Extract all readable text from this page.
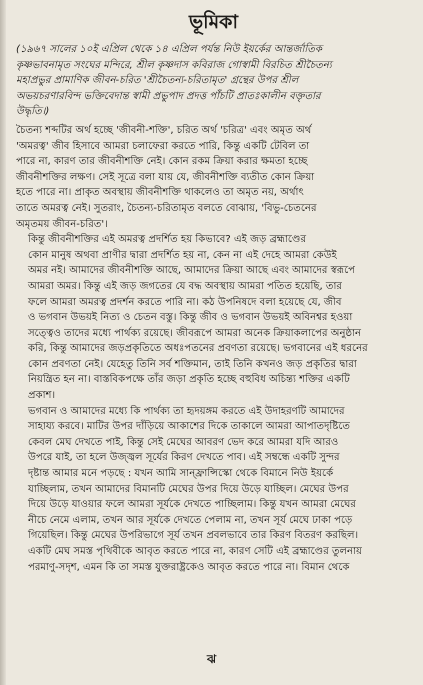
ভূমিকা
(১৯৬৭ সালের ১০ই এপ্রিল থেকে ১৪ এপ্রিল পর্যন্ত নিউ ইয়র্কের আন্তর্জাতিক
কৃষ্ণভাবনামৃত সংঘের মন্দিরে, শ্রীল কৃষ্ণদাস কবিরাজ গোস্বামী বিরচিত শ্রীচৈতন্য
মহাপ্রভুর প্রামাণিক জীবন-চরিত 'শ্রীচৈতন্য-চরিতামৃত' গ্রন্থের উপর শ্রীল
অভয়চরণারবিন্দ ভক্তিবেদান্ত স্বামী প্রভুপাদ প্রদত্ত পাঁচটি প্রাতঃকালীন বক্তৃতার
উদ্ধৃতি।)
চৈতন্য শব্দটির অর্থ হচ্ছে 'জীবনী-শক্তি', চরিত অর্থ 'চরিত্র' এবং অমৃত অর্থ
'অমরত্ব' জীব হিসাবে আমরা চলাফেরা করতে পারি, কিন্তু একটি টেবিল তা
পারে না, কারণ তার জীবনীশক্তি নেই। কোন রকম ক্রিয়া করার ক্ষমতা হচ্ছে
জীবনীশক্তির লক্ষণ। সেই সূত্রে বলা যায় যে, জীবনীশক্তি ব্যতীত কোন ক্রিয়া
হতে পারে না। প্রাকৃত অবস্থায় জীবনীশক্তি থাকলেও তা অমৃত নয়, অর্থাৎ
তাতে অমরত্ব নেই। সুতরাং, চৈতন্য-চরিতামৃত বলতে বোঝায়, 'বিভু-চেতনের
অমৃতময় জীবন-চরিত'।
কিন্তু জীবনীশক্তির এই অমরত্ব প্রদর্শিত হয় কিভাবে? এই জড় ব্রহ্মাণ্ডের
কোন মানুষ অথবা প্রাণীর দ্বারা প্রদর্শিত হয় না, কেন না এই দেহে আমরা কেউই
অমর নই। আমাদের জীবনীশক্তি আছে, আমাদের ক্রিয়া আছে এবং আমাদের স্বরূপে
আমরা অমর। কিন্তু এই জড় জগতের যে বদ্ধ অবস্থায় আমরা পতিত হয়েছি, তার
ফলে আমরা অমরত্ব প্রদর্শন করতে পারি না। কঠ উপনিষদে বলা হয়েছে যে, জীব
ও ভগবান উভয়ই নিত্য ও চেতন বস্তু। কিন্তু জীব ও ভগবান উভয়ই অবিনশ্বর হওয়া
সত্ত্বেও তাদের মধ্যে পার্থক্য রয়েছে। জীবরূপে আমরা অনেক ক্রিয়াকলাপের অনুষ্ঠান
করি, কিন্তু আমাদের জড়প্রকৃতিতে অধঃপতনের প্রবণতা রয়েছে। ভগবানের এই ধরনের
কোন প্রবণতা নেই। যেহেতু তিনি সর্ব শক্তিমান, তাই তিনি কখনও জড় প্রকৃতির দ্বারা
নিয়ন্ত্রিত হন না। বাস্তবিকপক্ষে তাঁর জড়া প্রকৃতি হচ্ছে বহুবিধ অচিন্ত্য শক্তির একটি
প্রকাশ।
ভগবান ও আমাদের মধ্যে কি পার্থক্য তা হৃদয়ঙ্গম করতে এই উদাহরণটি আমাদের
সাহায্য করবে। মাটির উপর দাঁড়িয়ে আকাশের দিকে তাকালে আমরা আপাতদৃষ্টিতে
কেবল মেঘ দেখতে পাই, কিন্তু সেই মেঘের আবরণ ভেদ করে আমরা যদি আরও
উপরে যাই, তা হলে উজ্জ্বল সূর্যের কিরণ দেখতে পাব। এই সম্বন্ধে একটি সুন্দর
দৃষ্টান্ত আমার মনে পড়ছে : যখন আমি সান্‌ফ্রান্সিস্কো থেকে বিমানে নিউ ইয়র্কে
যাচ্ছিলাম, তখন আমাদের বিমানটি মেঘের উপর দিয়ে উড়ে যাচ্ছিল। মেঘের উপর
দিয়ে উড়ে যাওয়ার ফলে আমরা সূর্যকে দেখতে পাচ্ছিলাম। কিন্তু যখন আমরা মেঘের
নীচে নেমে এলাম, তখন আর সূর্যকে দেখতে পেলাম না, তখন সূর্য মেঘে ঢাকা পড়ে
গিয়েছিল। কিন্তু মেঘের উপরিভাগে সূর্য তখন প্রবলভাবে তার কিরণ বিতরণ করছিল।
একটি মেঘ সমস্ত পৃথিবীকে আবৃত করতে পারে না, কারণ সেটি এই ব্রহ্মাণ্ডের তুলনায়
পরমাণু-সদৃশ, এমন কি তা সমস্ত যুক্তরাষ্ট্রকেও আবৃত করতে পারে না। বিমান থেকে
ঝ
